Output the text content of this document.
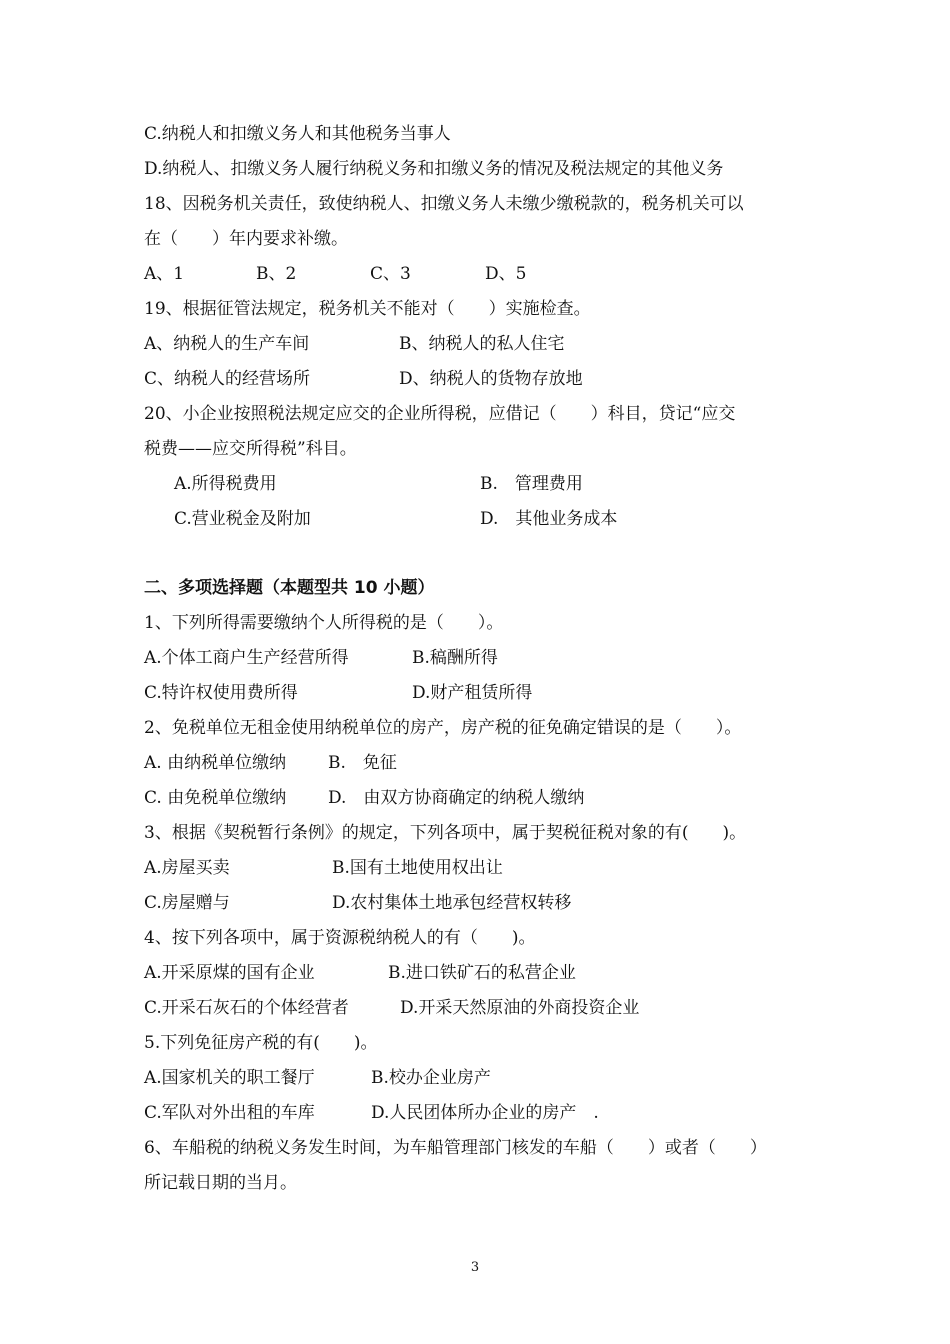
C.纳税人和扣缴义务人和其他税务当事人
D.纳税人、扣缴义务人履行纳税义务和扣缴义务的情况及税法规定的其他义务
18、因税务机关责任，致使纳税人、扣缴义务人未缴少缴税款的，税务机关可以
在（　　）年内要求补缴。
A、1	B、2	C、3	D、5
19、根据征管法规定，税务机关不能对（　　）实施检查。
A、纳税人的生产车间	B、纳税人的私人住宅
C、纳税人的经营场所	D、纳税人的货物存放地
20、小企业按照税法规定应交的企业所得税，应借记（　　）科目，贷记“应交
税费——应交所得税”科目。
A.所得税费用	B.　管理费用
C.营业税金及附加	D.　其他业务成本
二、多项选择题（本题型共 10 小题）
1、下列所得需要缴纳个人所得税的是（　　）。
A.个体工商户生产经营所得	B.稿酬所得
C.特许权使用费所得	D.财产租赁所得
2、免税单位无租金使用纳税单位的房产，房产税的征免确定错误的是（　　）。
A. 由纳税单位缴纳 B.　免征
C. 由免税单位缴纳 D.　由双方协商确定的纳税人缴纳
3、根据《契税暂行条例》的规定，下列各项中，属于契税征税对象的有(　　)。
A.房屋买卖	B.国有土地使用权出让
C.房屋赠与	D.农村集体土地承包经营权转移
4、按下列各项中，属于资源税纳税人的有（　　)。
A.开采原煤的国有企业	B.进口铁矿石的私营企业
C.开采石灰石的个体经营者	D.开采天然原油的外商投资企业
5.下列免征房产税的有(　　)。
A.国家机关的职工餐厅	B.校办企业房产
C.军队对外出租的车库	D.人民团体所办企业的房产　.
6、车船税的纳税义务发生时间，为车船管理部门核发的车船（　　）或者（　　）
所记载日期的当月。
3
